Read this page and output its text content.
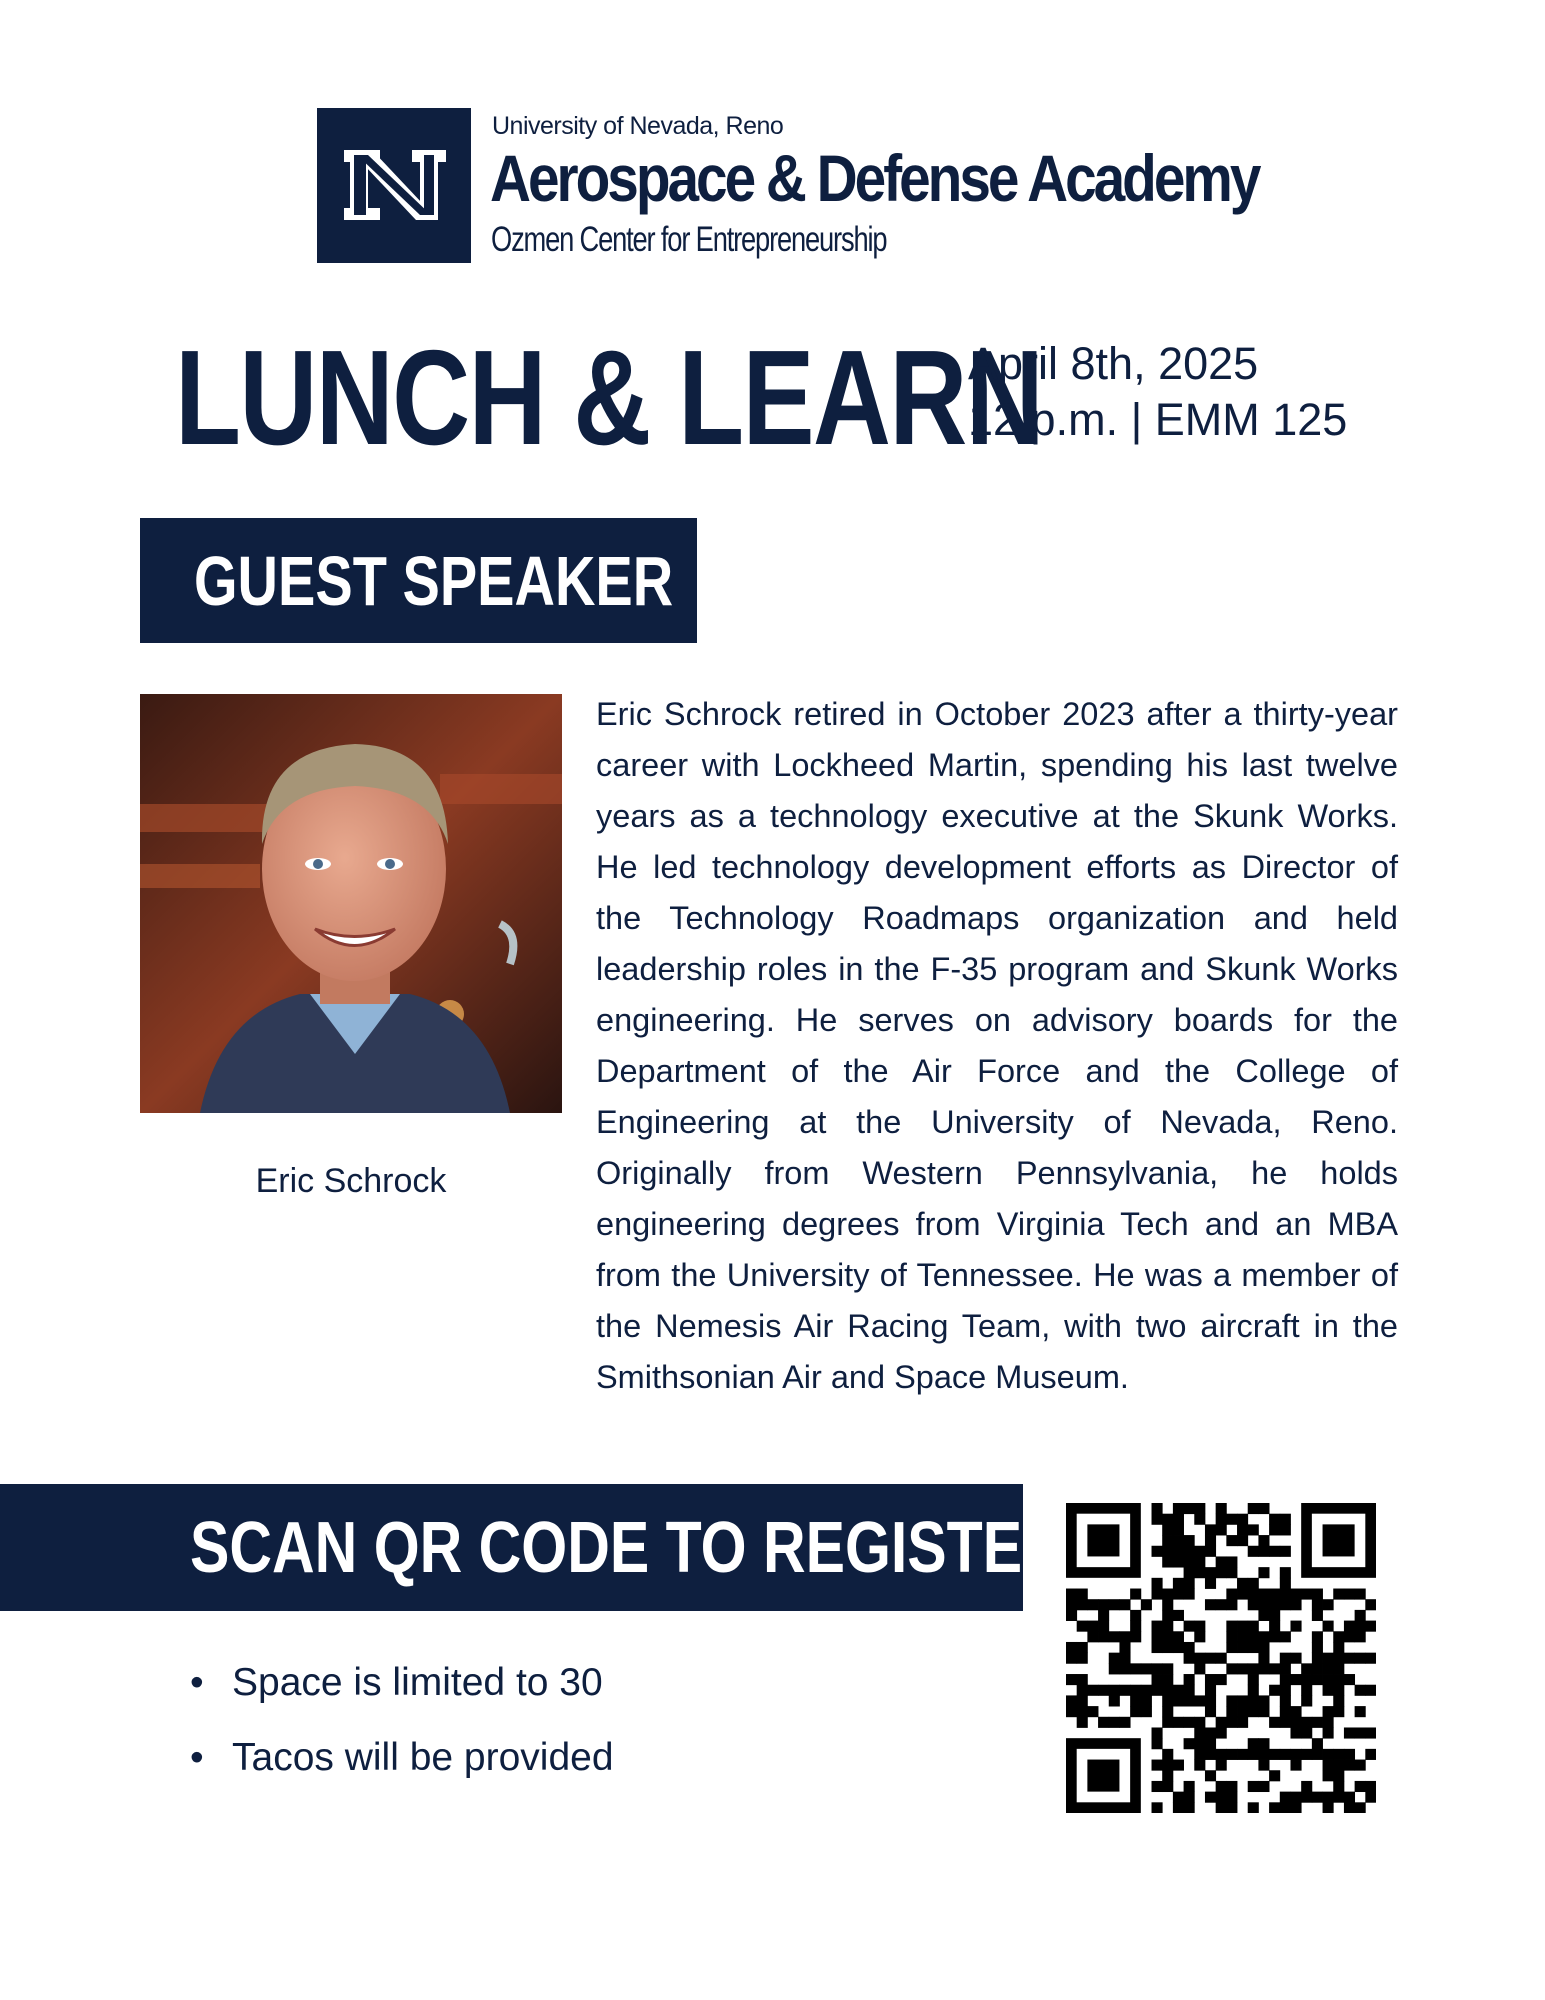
University of Nevada, Reno
Aerospace & Defense Academy
Ozmen Center for Entrepreneurship
LUNCH & LEARN
April 8th, 2025
12 p.m. | EMM 125
GUEST SPEAKER
Eric Schrock
Eric Schrock retired in October 2023 after a thirty-year career with Lockheed Martin, spending his last twelve years as a technology executive at the Skunk Works. He led technology development efforts as Director of the Technology Roadmaps organization and held leadership roles in the F-35 program and Skunk Works engineering. He serves on advisory boards for the Department of the Air Force and the College of Engineering at the University of Nevada, Reno. Originally from Western Pennsylvania, he holds engineering degrees from Virginia Tech and an MBA from the University of Tennessee. He was a member of the Nemesis Air Racing Team, with two aircraft in the Smithsonian Air and Space Museum.
SCAN QR CODE TO REGISTER
• Space is limited to 30
• Tacos will be provided
